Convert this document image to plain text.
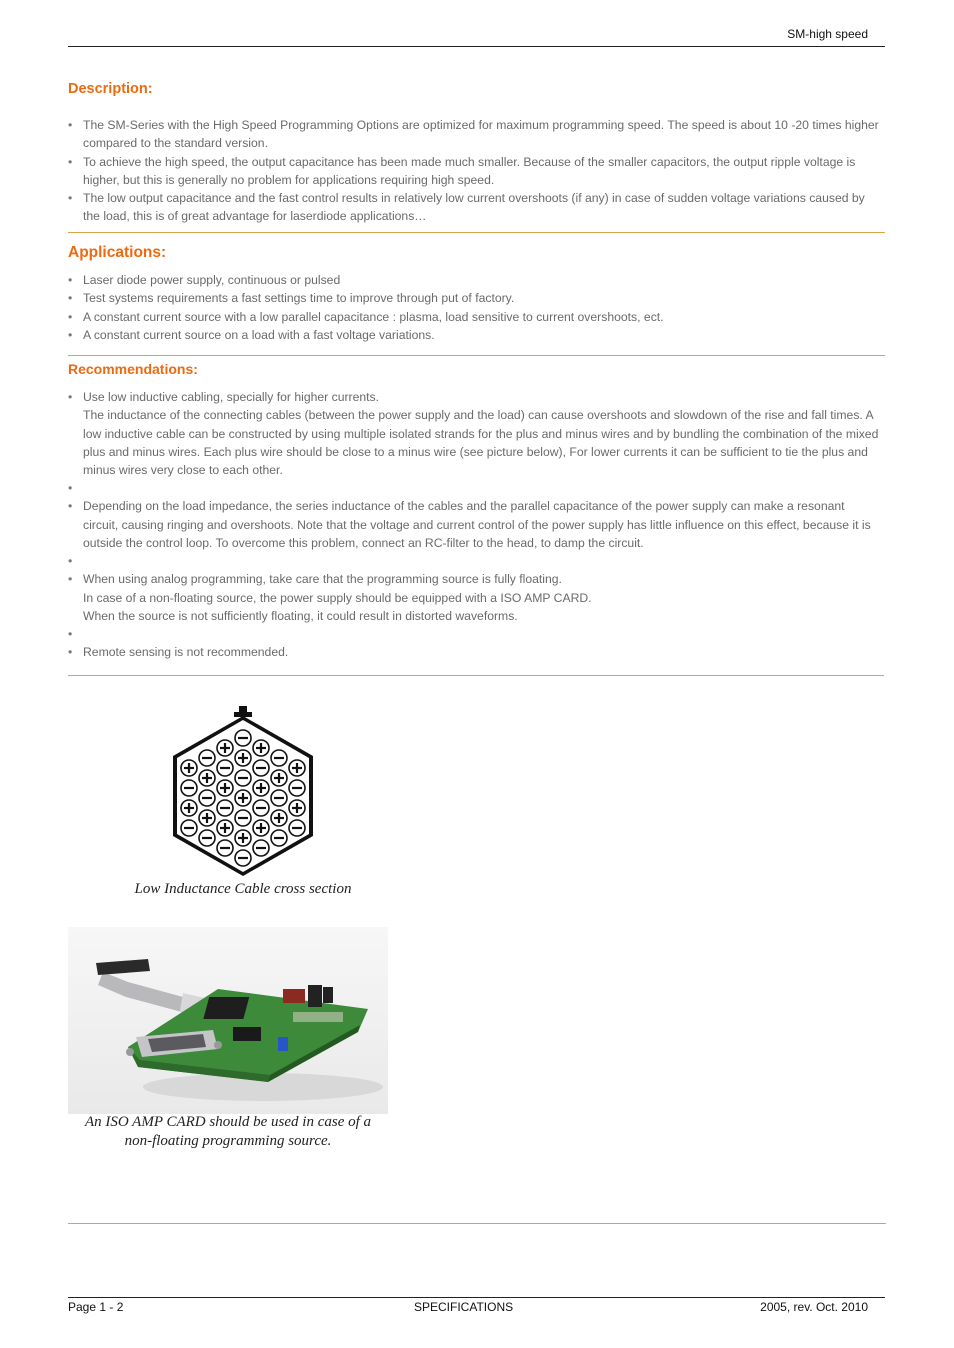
SM-high speed
Description:
• The SM-Series with the High Speed Programming Options are optimized for maximum programming speed. The speed is about 10 -20 times higher compared to the standard version.
• To achieve the high speed, the output capacitance has been made much smaller. Because of the smaller capacitors, the output ripple voltage is higher, but this is generally no problem for applications requiring high speed.
• The low output capacitance and the fast control results in relatively low current overshoots (if any) in case of sudden voltage variations caused by the load, this is of great advantage for laserdiode applications…
Applications:
• Laser diode power supply, continuous or pulsed
• Test systems requirements a fast settings time to improve through put of factory.
• A constant current source with a low parallel capacitance : plasma, load sensitive to current overshoots, ect.
• A constant current source on a load with a fast voltage variations.
Recommendations:
• Use low inductive cabling, specially for higher currents.
The inductance of the connecting cables (between the power supply and the load) can cause overshoots and slowdown of the rise and fall times. A low inductive cable can be constructed by using multiple isolated strands for the plus and minus wires and by bundling the combination of the mixed plus and minus wires. Each plus wire should be close to a minus wire (see picture below), For lower currents it can be sufficient to tie the plus and minus wires very close to each other.
•
• Depending on the load impedance, the series inductance of the cables and the parallel capacitance of the power supply can make a resonant circuit, causing ringing and overshoots. Note that the voltage and current control of the power supply has little influence on this effect, because it is outside the control loop. To overcome this problem, connect an RC-filter to the head, to damp the circuit.
•
• When using analog programming, take care that the programming source is fully floating.
In case of a non-floating source, the power supply should be equipped with a ISO AMP CARD.
When the source is not sufficiently floating, it could result in distorted waveforms.
•
• Remote sensing is not recommended.
Low Inductance Cable cross section
An ISO AMP CARD should be used in case of a
non-floating programming source.
Page 1 - 2	SPECIFICATIONS	2005, rev. Oct. 2010
